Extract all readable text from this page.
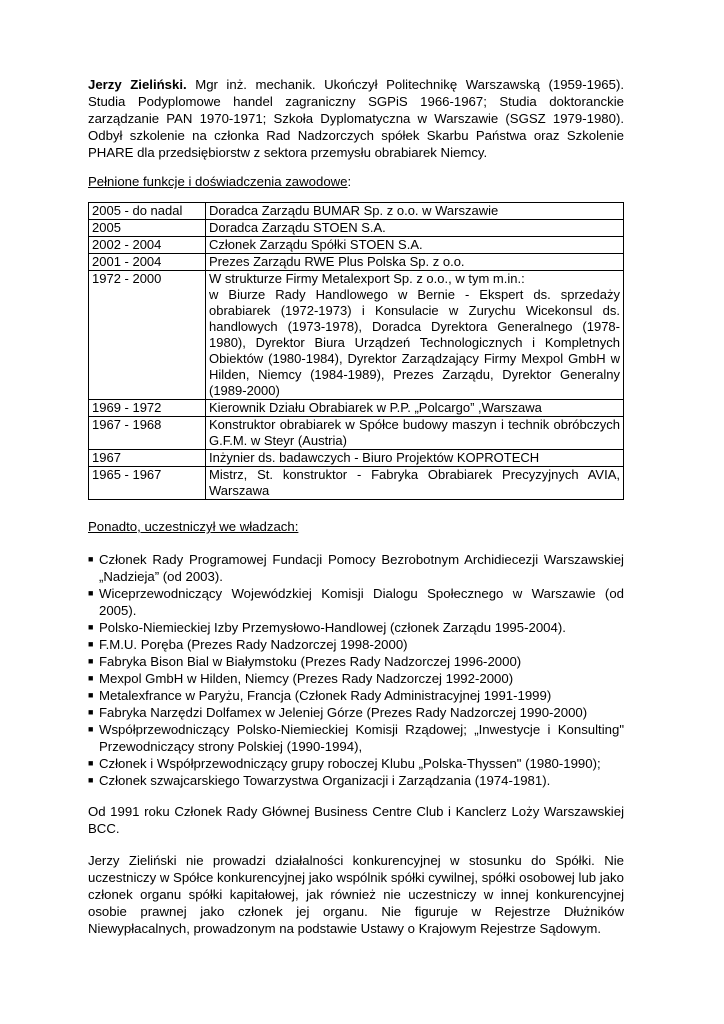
Jerzy Zieliński. Mgr inż. mechanik. Ukończył Politechnikę Warszawską (1959-1965). Studia Podyplomowe handel zagraniczny SGPiS 1966-1967; Studia doktoranckie zarządzanie PAN 1970-1971; Szkoła Dyplomatyczna w Warszawie (SGSZ 1979-1980). Odbył szkolenie na członka Rad Nadzorczych spółek Skarbu Państwa oraz Szkolenie PHARE dla przedsiębiorstw z sektora przemysłu obrabiarek Niemcy.

Pełnione funkcje i doświadczenia zawodowe:
2005 - do nadal	Doradca Zarządu BUMAR Sp. z o.o. w Warszawie
2005	Doradca Zarządu STOEN S.A.
2002 - 2004	Członek Zarządu Spółki STOEN S.A.
2001 - 2004	Prezes Zarządu RWE Plus Polska Sp. z o.o.
1972 - 2000	W strukturze Firmy Metalexport Sp. z o.o., w tym m.in.:
w Biurze Rady Handlowego w Bernie - Ekspert ds. sprzedaży obrabiarek (1972-1973) i Konsulacie w Zurychu Wicekonsul ds. handlowych (1973-1978), Doradca Dyrektora Generalnego (1978-1980), Dyrektor Biura Urządzeń Technologicznych i Kompletnych Obiektów (1980-1984), Dyrektor Zarządzający Firmy Mexpol GmbH w Hilden, Niemcy (1984-1989), Prezes Zarządu, Dyrektor Generalny (1989-2000)

1969 - 1972	Kierownik Działu Obrabiarek w P.P. „Polcargo” ,Warszawa
1967 - 1968	Konstruktor obrabiarek w Spółce budowy maszyn i technik obróbczych G.F.M. w Steyr (Austria)
1967	Inżynier ds. badawczych - Biuro Projektów KOPROTECH
1965 - 1967	Mistrz, St. konstruktor - Fabryka Obrabiarek Precyzyjnych AVIA, Warszawa
Ponadto, uczestniczył we władzach:
■ Członek Rady Programowej Fundacji Pomocy Bezrobotnym Archidiecezji Warszawskiej „Nadzieja” (od 2003).
■ Wiceprzewodniczący Wojewódzkiej Komisji Dialogu Społecznego w Warszawie (od 2005).
■ Polsko-Niemieckiej Izby Przemysłowo-Handlowej (członek Zarządu 1995-2004).
■ F.M.U. Poręba (Prezes Rady Nadzorczej 1998-2000)
■ Fabryka Bison Bial w Białymstoku (Prezes Rady Nadzorczej 1996-2000)
■ Mexpol GmbH w Hilden, Niemcy (Prezes Rady Nadzorczej 1992-2000)
■ Metalexfrance w Paryżu, Francja (Członek Rady Administracyjnej 1991-1999)
■ Fabryka Narzędzi Dolfamex w Jeleniej Górze (Prezes Rady Nadzorczej 1990-2000)
■ Współprzewodniczący Polsko-Niemieckiej Komisji Rządowej; „Inwestycje i Konsulting" Przewodniczący strony Polskiej (1990-1994),
■ Członek i Współprzewodniczący grupy roboczej Klubu „Polska-Thyssen" (1980-1990);
■ Członek szwajcarskiego Towarzystwa Organizacji i Zarządzania (1974-1981).

Od 1991 roku Członek Rady Głównej Business Centre Club i Kanclerz Loży Warszawskiej BCC.

Jerzy Zieliński nie prowadzi działalności konkurencyjnej w stosunku do Spółki. Nie uczestniczy w Spółce konkurencyjnej jako wspólnik spółki cywilnej, spółki osobowej lub jako członek organu spółki kapitałowej, jak również nie uczestniczy w innej konkurencyjnej osobie prawnej jako członek jej organu. Nie figuruje w Rejestrze Dłużników Niewypłacalnych, prowadzonym na podstawie Ustawy o Krajowym Rejestrze Sądowym.
